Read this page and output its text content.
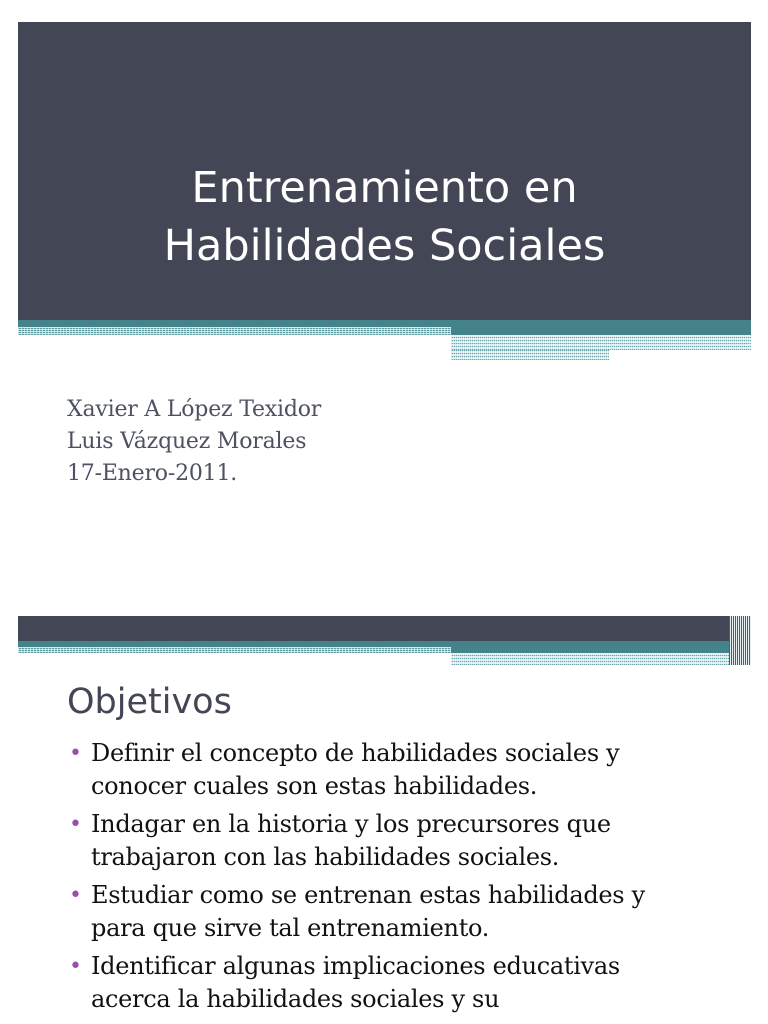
Entrenamiento en
Habilidades Sociales
Xavier A López Texidor
Luis Vázquez Morales
17-Enero-2011.
Objetivos
• Definir el concepto de habilidades sociales y
conocer cuales son estas habilidades.
• Indagar en la historia y los precursores que
trabajaron con las habilidades sociales.
• Estudiar como se entrenan estas habilidades y
para que sirve tal entrenamiento.
• Identificar algunas implicaciones educativas
acerca la habilidades sociales y su
